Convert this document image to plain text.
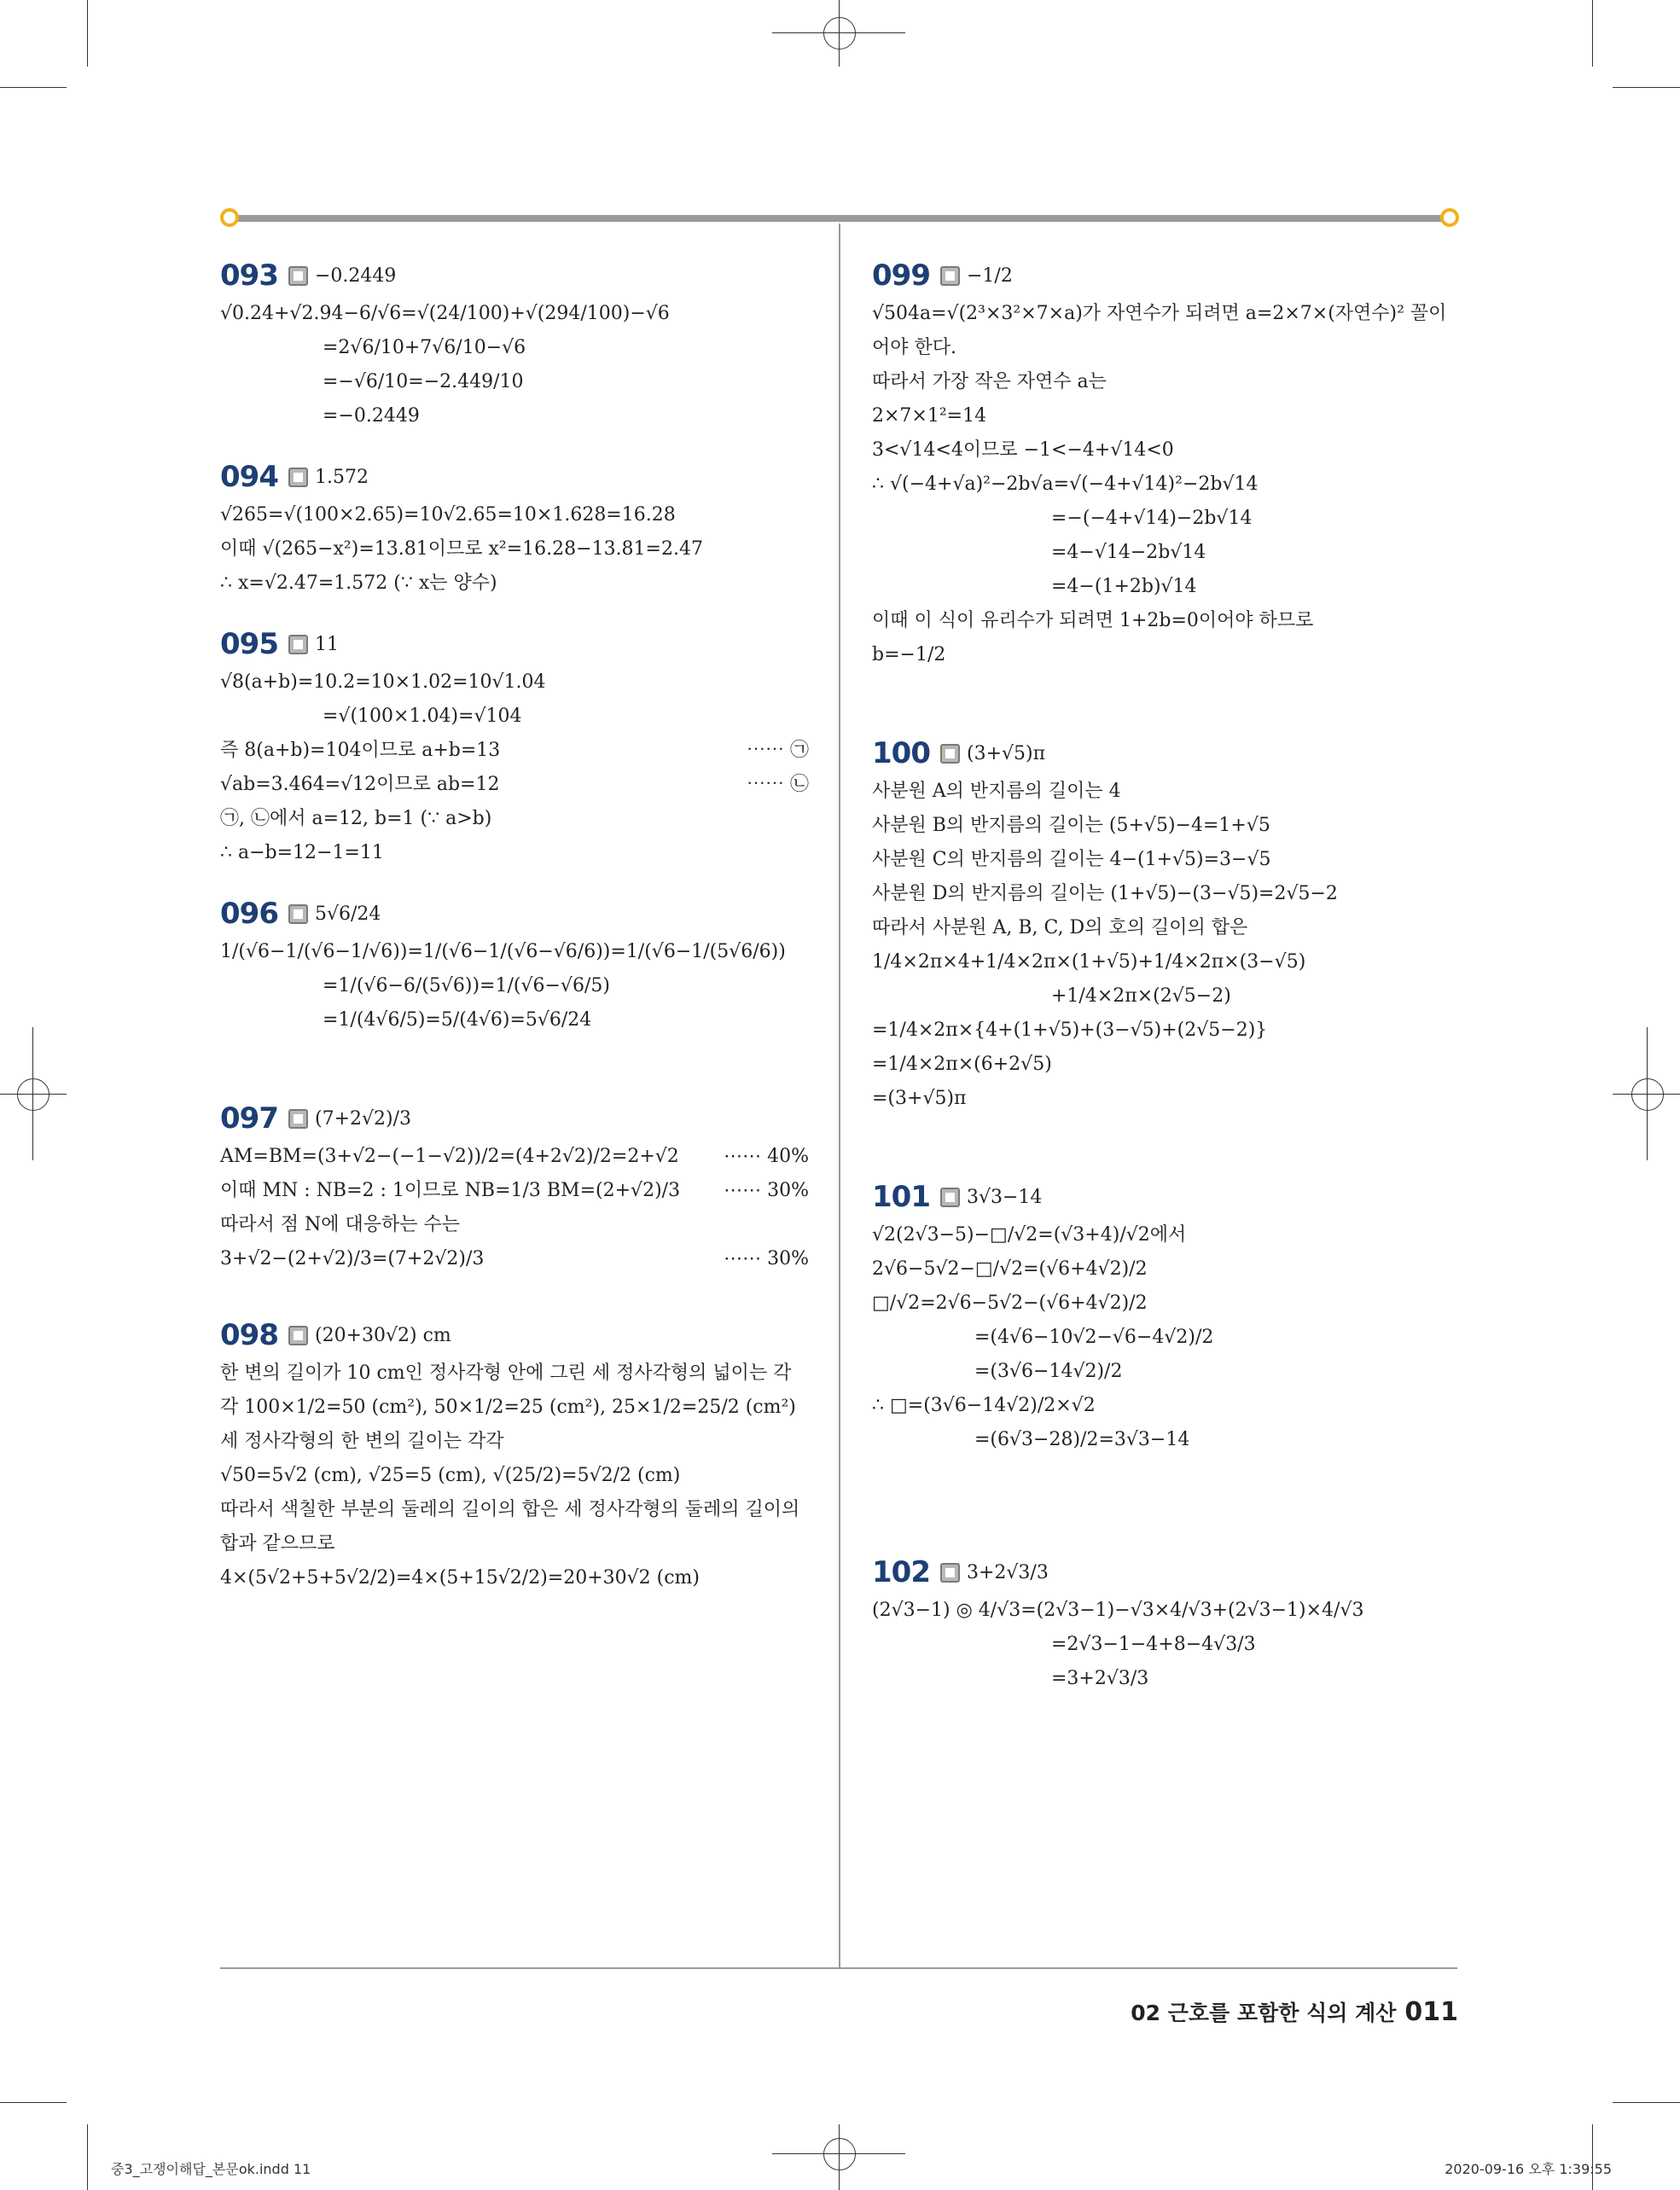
093 −0.2449
√0.24+√2.94−6/√6=√(24/100)+√(294/100)−√6
=2√6/10+7√6/10−√6
=−√6/10=−2.449/10
=−0.2449
094 1.572
√265=√(100×2.65)=10√2.65=10×1.628=16.28
이때 √(265−x²)=13.81이므로 x²=16.28−13.81=2.47
∴ x=√2.47=1.572 (∵ x는 양수)
095 11
√8(a+b)=10.2=10×1.02=10√1.04
=√(100×1.04)=√104
즉 8(a+b)=104이므로 a+b=13	⋯⋯ ㉠
√ab=3.464=√12이므로 ab=12	⋯⋯ ㉡
㉠, ㉡에서 a=12, b=1 (∵ a>b)
∴ a−b=12−1=11
096 5√6/24
1/(√6−1/(√6−1/√6))=1/(√6−1/(√6−√6/6))=1/(√6−1/(5√6/6))
=1/(√6−6/(5√6))=1/(√6−√6/5)
=1/(4√6/5)=5/(4√6)=5√6/24
097 (7+2√2)/3
AM=BM=(3+√2−(−1−√2))/2=(4+2√2)/2=2+√2 ⋯⋯ 40%
이때 MN : NB=2 : 1이므로 NB=1/3 BM=(2+√2)/3 ⋯⋯ 30%
따라서 점 N에 대응하는 수는
3+√2−(2+√2)/3=(7+2√2)/3	⋯⋯ 30%
098 (20+30√2) cm
한 변의 길이가 10 cm인 정사각형 안에 그린 세 정사각형의 넓이는 각
각 100×1/2=50 (cm²), 50×1/2=25 (cm²), 25×1/2=25/2 (cm²)
세 정사각형의 한 변의 길이는 각각
√50=5√2 (cm), √25=5 (cm), √(25/2)=5√2/2 (cm)
따라서 색칠한 부분의 둘레의 길이의 합은 세 정사각형의 둘레의 길이의
합과 같으므로
4×(5√2+5+5√2/2)=4×(5+15√2/2)=20+30√2 (cm)
099 −1/2
√504a=√(2³×3²×7×a)가 자연수가 되려면 a=2×7×(자연수)² 꼴이
어야 한다.
따라서 가장 작은 자연수 a는
2×7×1²=14
3<√14<4이므로 −1<−4+√14<0
∴ √(−4+√a)²−2b√a=√(−4+√14)²−2b√14
=−(−4+√14)−2b√14
=4−√14−2b√14
=4−(1+2b)√14
이때 이 식이 유리수가 되려면 1+2b=0이어야 하므로
b=−1/2
100 (3+√5)π
사분원 A의 반지름의 길이는 4
사분원 B의 반지름의 길이는 (5+√5)−4=1+√5
사분원 C의 반지름의 길이는 4−(1+√5)=3−√5
사분원 D의 반지름의 길이는 (1+√5)−(3−√5)=2√5−2
따라서 사분원 A, B, C, D의 호의 길이의 합은
1/4×2π×4+1/4×2π×(1+√5)+1/4×2π×(3−√5)
+1/4×2π×(2√5−2)
=1/4×2π×{4+(1+√5)+(3−√5)+(2√5−2)}
=1/4×2π×(6+2√5)
=(3+√5)π
101 3√3−14
√2(2√3−5)−□/√2=(√3+4)/√2에서
2√6−5√2−□/√2=(√6+4√2)/2
□/√2=2√6−5√2−(√6+4√2)/2
=(4√6−10√2−√6−4√2)/2
=(3√6−14√2)/2
∴ □=(3√6−14√2)/2×√2
=(6√3−28)/2=3√3−14
102 3+2√3/3
(2√3−1) ◎ 4/√3=(2√3−1)−√3×4/√3+(2√3−1)×4/√3
=2√3−1−4+8−4√3/3
=3+2√3/3
02 근호를 포함한 식의 계산 011
중3_고쟁이해답_본문ok.indd 11	2020-09-16 오후 1:39:55
